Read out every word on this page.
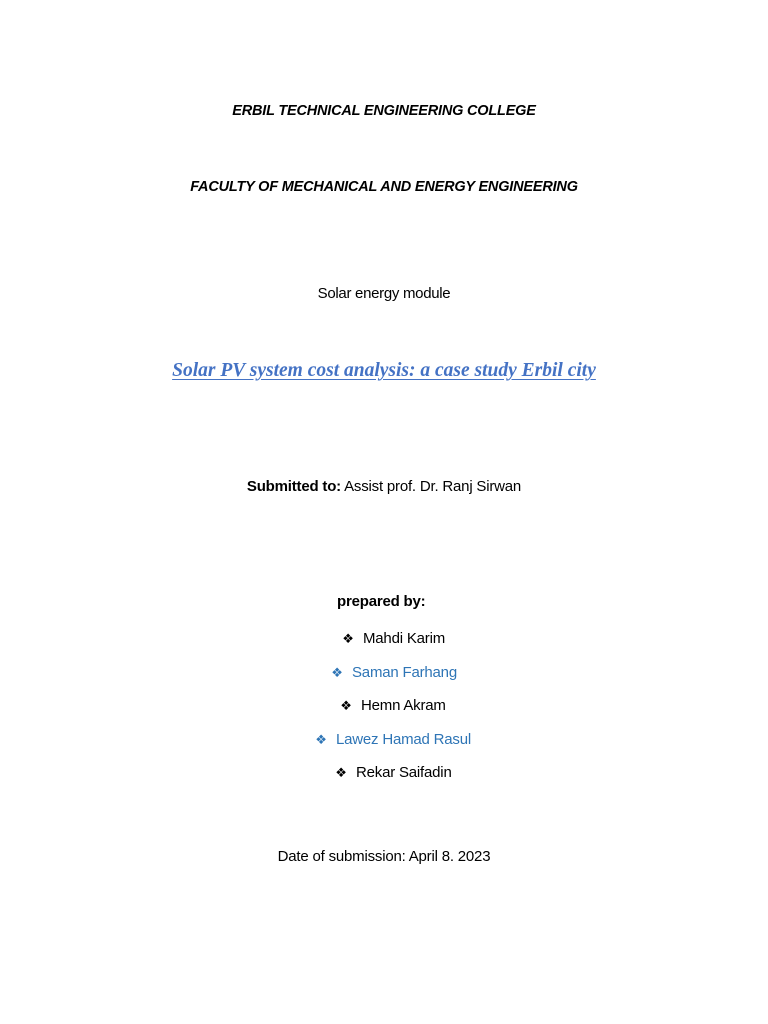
ERBIL TECHNICAL ENGINEERING COLLEGE
FACULTY OF MECHANICAL AND ENERGY ENGINEERING
Solar energy module
Solar PV system cost analysis: a case study Erbil city
Submitted to: Assist prof. Dr. Ranj Sirwan
prepared by:
❖ Mahdi Karim
❖ Saman Farhang
❖ Hemn Akram
❖ Lawez Hamad Rasul
❖ Rekar Saifadin
Date of submission: April 8. 2023
